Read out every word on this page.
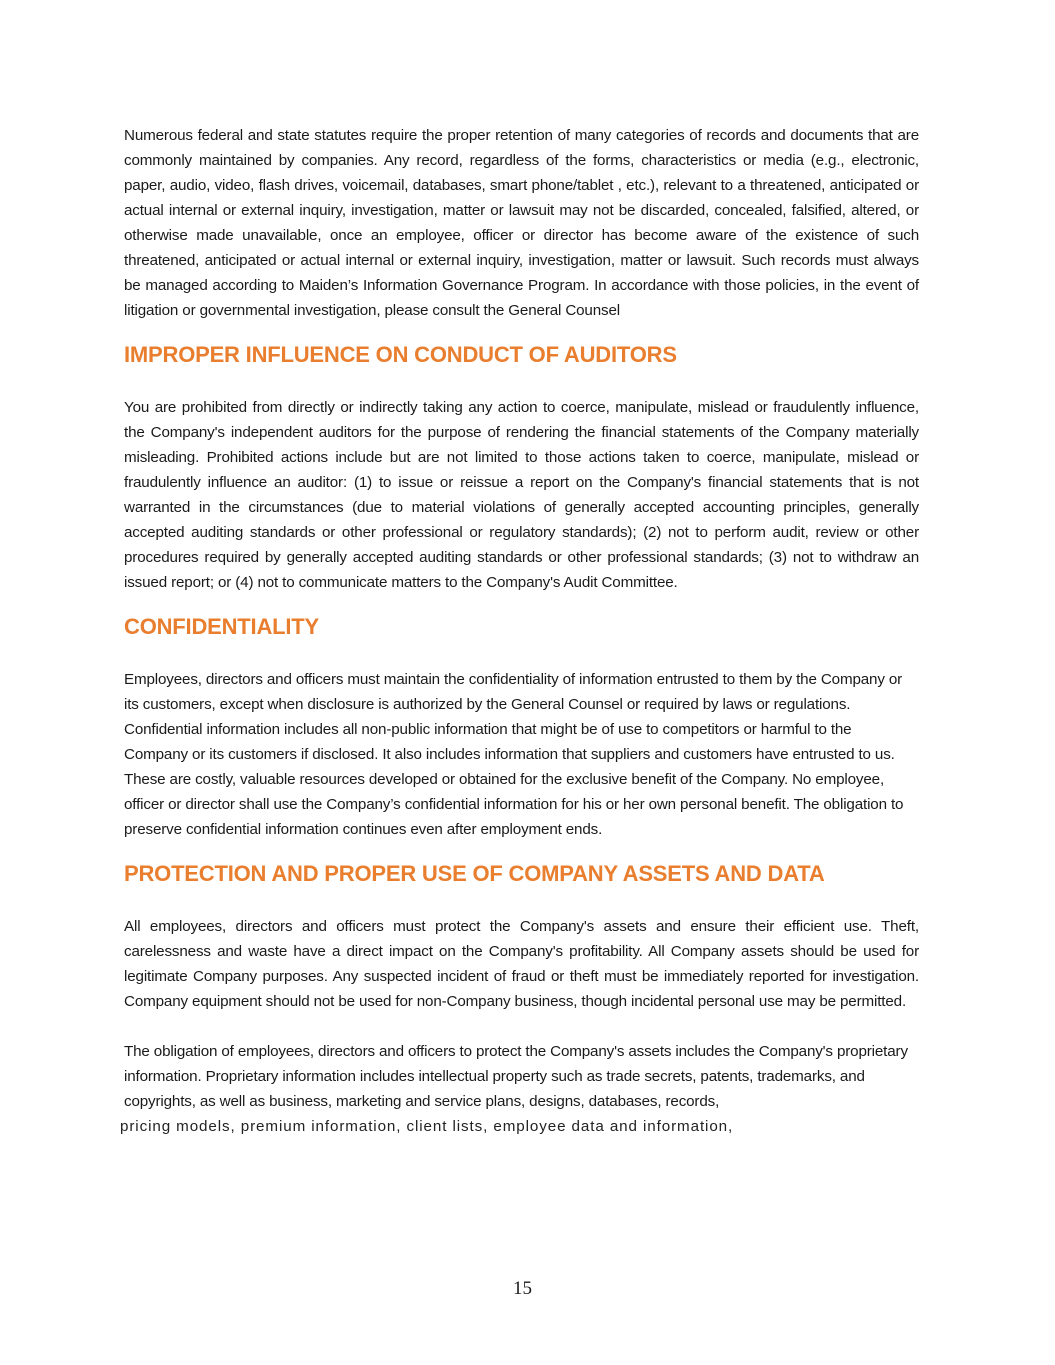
Numerous federal and state statutes require the proper retention of many categories of records and documents that are commonly maintained by companies. Any record, regardless of the forms, characteristics or media (e.g., electronic, paper, audio, video, flash drives, voicemail, databases, smart phone/tablet , etc.), relevant to a threatened, anticipated or actual internal or external inquiry, investigation, matter or lawsuit may not be discarded, concealed, falsified, altered, or otherwise made unavailable, once an employee, officer or director has become aware of the existence of such threatened, anticipated or actual internal or external inquiry, investigation, matter or lawsuit. Such records must always be managed according to Maiden’s Information Governance Program. In accordance with those policies, in the event of litigation or governmental investigation, please consult the General Counsel

IMPROPER INFLUENCE ON CONDUCT OF AUDITORS

You are prohibited from directly or indirectly taking any action to coerce, manipulate, mislead or fraudulently influence, the Company's independent auditors for the purpose of rendering the financial statements of the Company materially misleading. Prohibited actions include but are not limited to those actions taken to coerce, manipulate, mislead or fraudulently influence an auditor: (1) to issue or reissue a report on the Company's financial statements that is not warranted in the circumstances (due to material violations of generally accepted accounting principles, generally accepted auditing standards or other professional or regulatory standards); (2) not to perform audit, review or other procedures required by generally accepted auditing standards or other professional standards; (3) not to withdraw an issued report; or (4) not to communicate matters to the Company's Audit Committee.

CONFIDENTIALITY

Employees, directors and officers must maintain the confidentiality of information entrusted to them by the Company or its customers, except when disclosure is authorized by the General Counsel or required by laws or regulations. Confidential information includes all non-public information that might be of use to competitors or harmful to the Company or its customers if disclosed. It also includes information that suppliers and customers have entrusted to us. These are costly, valuable resources developed or obtained for the exclusive benefit of the Company. No employee, officer or director shall use the Company’s confidential information for his or her own personal benefit. The obligation to preserve confidential information continues even after employment ends.

PROTECTION AND PROPER USE OF COMPANY ASSETS AND DATA

All employees, directors and officers must protect the Company's assets and ensure their efficient use. Theft, carelessness and waste have a direct impact on the Company's profitability. All Company assets should be used for legitimate Company purposes. Any suspected incident of fraud or theft must be immediately reported for investigation. Company equipment should not be used for non-Company business, though incidental personal use may be permitted.

The obligation of employees, directors and officers to protect the Company's assets includes the Company's proprietary information. Proprietary information includes intellectual property such as trade secrets, patents, trademarks, and copyrights, as well as business, marketing and service plans, designs, databases, records,

pricing models, premium information, client lists, employee data and information,

15
